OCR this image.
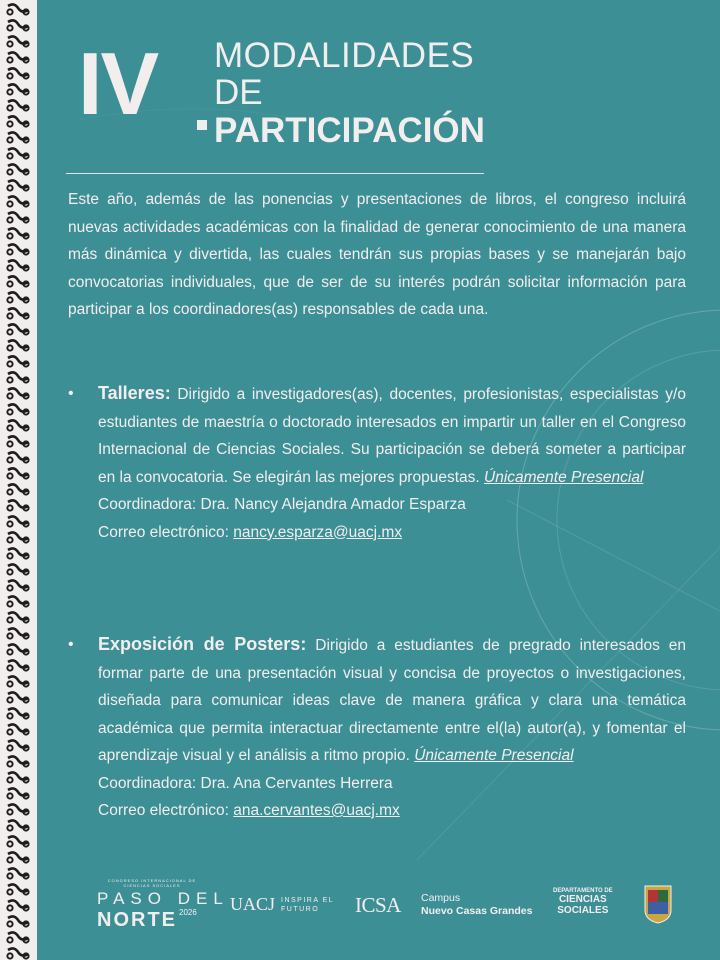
IV MODALIDADES
DE
PARTICIPACIÓN
Este año, además de las ponencias y presentaciones de libros, el congreso incluirá nuevas actividades académicas con la finalidad de generar conocimiento de una manera más dinámica y divertida, las cuales tendrán sus propias bases y se manejarán bajo convocatorias individuales, que de ser de su interés podrán solicitar información para participar a los coordinadores(as) responsables de cada una.
• Talleres: Dirigido a investigadores(as), docentes, profesionistas, especialistas y/o estudiantes de maestría o doctorado interesados en impartir un taller en el Congreso Internacional de Ciencias Sociales. Su participación se deberá someter a participar en la convocatoria. Se elegirán las mejores propuestas. Únicamente Presencial
Coordinadora: Dra. Nancy Alejandra Amador Esparza
Correo electrónico: nancy.esparza@uacj.mx
• Exposición de Posters: Dirigido a estudiantes de pregrado interesados en formar parte de una presentación visual y concisa de proyectos o investigaciones, diseñada para comunicar ideas clave de manera gráfica y clara una temática académica que permita interactuar directamente entre el(la) autor(a), y fomentar el aprendizaje visual y el análisis a ritmo propio. Únicamente Presencial
Coordinadora: Dra. Ana Cervantes Herrera
Correo electrónico: ana.cervantes@uacj.mx
CONGRESO INTERNACIONAL DE CIENCIAS SOCIALES
PASO DEL
NORTE 2026	UACJ INSPIRA EL
FUTURO	ICSA Campus
Nuevo Casas Grandes
DEPARTAMENTO DE
CIENCIAS
SOCIALES
